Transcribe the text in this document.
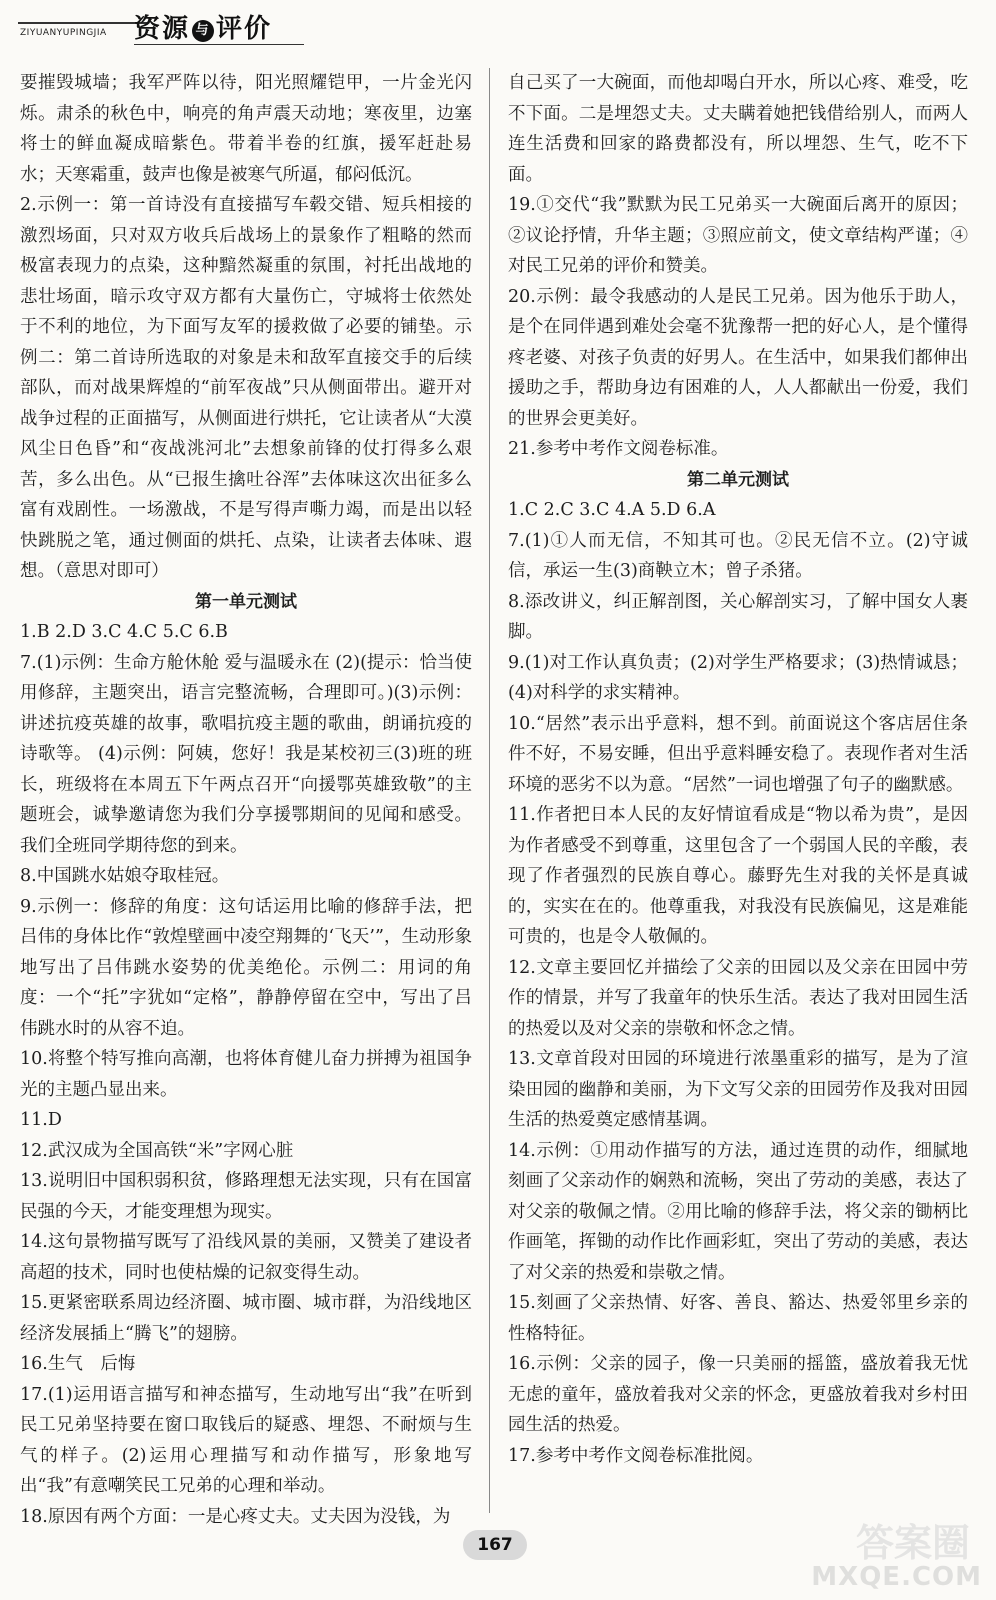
ZIYUANYUPINGJIA 资源 与 评价

要摧毁城墙；我军严阵以待，阳光照耀铠甲，一片金光闪烁。肃杀的秋色中，响亮的角声震天动地；寒夜里，边塞将士的鲜血凝成暗紫色。带着半卷的红旗，援军赶赴易水；天寒霜重，鼓声也像是被寒气所逼，郁闷低沉。

2.示例一：第一首诗没有直接描写车毂交错、短兵相接的激烈场面，只对双方收兵后战场上的景象作了粗略的然而极富表现力的点染，这种黯然凝重的氛围，衬托出战地的悲壮场面，暗示攻守双方都有大量伤亡，守城将士依然处于不利的地位，为下面写友军的援救做了必要的铺垫。示例二：第二首诗所选取的对象是未和敌军直接交手的后续部队，而对战果辉煌的“前军夜战”只从侧面带出。避开对战争过程的正面描写，从侧面进行烘托，它让读者从“大漠风尘日色昏”和“夜战洮河北”去想象前锋的仗打得多么艰苦，多么出色。从“已报生擒吐谷浑”去体味这次出征多么富有戏剧性。一场激战，不是写得声嘶力竭，而是出以轻快跳脱之笔，通过侧面的烘托、点染，让读者去体味、遐想。（意思对即可）

第一单元测试

1.B 2.D 3.C 4.C 5.C 6.B

7.(1)示例：生命方舱休舱 爱与温暖永在 (2)(提示：恰当使用修辞，主题突出，语言完整流畅，合理即可。)(3)示例：讲述抗疫英雄的故事，歌唱抗疫主题的歌曲，朗诵抗疫的诗歌等。 (4)示例：阿姨，您好！我是某校初三(3)班的班长，班级将在本周五下午两点召开“向援鄂英雄致敬”的主题班会，诚挚邀请您为我们分享援鄂期间的见闻和感受。我们全班同学期待您的到来。

8.中国跳水姑娘夺取桂冠。

9.示例一：修辞的角度：这句话运用比喻的修辞手法，把吕伟的身体比作“敦煌壁画中凌空翔舞的‘飞天’”，生动形象地写出了吕伟跳水姿势的优美绝伦。示例二：用词的角度：一个“托”字犹如“定格”，静静停留在空中，写出了吕伟跳水时的从容不迫。

10.将整个特写推向高潮，也将体育健儿奋力拼搏为祖国争光的主题凸显出来。

11.D

12.武汉成为全国高铁“米”字网心脏

13.说明旧中国积弱积贫，修路理想无法实现，只有在国富民强的今天，才能变理想为现实。

14.这句景物描写既写了沿线风景的美丽，又赞美了建设者高超的技术，同时也使枯燥的记叙变得生动。

15.更紧密联系周边经济圈、城市圈、城市群，为沿线地区经济发展插上“腾飞”的翅膀。

16.生气　后悔

17.(1)运用语言描写和神态描写，生动地写出“我”在听到民工兄弟坚持要在窗口取钱后的疑惑、埋怨、不耐烦与生气的样子。(2)运用心理描写和动作描写，形象地写出“我”有意嘲笑民工兄弟的心理和举动。

18.原因有两个方面：一是心疼丈夫。丈夫因为没钱，为

自己买了一大碗面，而他却喝白开水，所以心疼、难受，吃不下面。二是埋怨丈夫。丈夫瞒着她把钱借给别人，而两人连生活费和回家的路费都没有，所以埋怨、生气，吃不下面。

19.①交代“我”默默为民工兄弟买一大碗面后离开的原因；②议论抒情，升华主题；③照应前文，使文章结构严谨；④对民工兄弟的评价和赞美。

20.示例：最令我感动的人是民工兄弟。因为他乐于助人，是个在同伴遇到难处会毫不犹豫帮一把的好心人，是个懂得疼老婆、对孩子负责的好男人。在生活中，如果我们都伸出援助之手，帮助身边有困难的人，人人都献出一份爱，我们的世界会更美好。

21.参考中考作文阅卷标准。

第二单元测试

1.C 2.C 3.C 4.A 5.D 6.A

7.(1)①人而无信，不知其可也。②民无信不立。(2)守诚信，承运一生(3)商鞅立木；曾子杀猪。

8.添改讲义，纠正解剖图，关心解剖实习，了解中国女人裹脚。

9.(1)对工作认真负责；(2)对学生严格要求；(3)热情诚恳；(4)对科学的求实精神。

10.“居然”表示出乎意料，想不到。前面说这个客店居住条件不好，不易安睡，但出乎意料睡安稳了。表现作者对生活环境的恶劣不以为意。“居然”一词也增强了句子的幽默感。

11.作者把日本人民的友好情谊看成是“物以希为贵”，是因为作者感受不到尊重，这里包含了一个弱国人民的辛酸，表现了作者强烈的民族自尊心。藤野先生对我的关怀是真诚的，实实在在的。他尊重我，对我没有民族偏见，这是难能可贵的，也是令人敬佩的。

12.文章主要回忆并描绘了父亲的田园以及父亲在田园中劳作的情景，并写了我童年的快乐生活。表达了我对田园生活的热爱以及对父亲的崇敬和怀念之情。

13.文章首段对田园的环境进行浓墨重彩的描写，是为了渲染田园的幽静和美丽，为下文写父亲的田园劳作及我对田园生活的热爱奠定感情基调。

14.示例：①用动作描写的方法，通过连贯的动作，细腻地刻画了父亲动作的娴熟和流畅，突出了劳动的美感，表达了对父亲的敬佩之情。②用比喻的修辞手法，将父亲的锄柄比作画笔，挥锄的动作比作画彩虹，突出了劳动的美感，表达了对父亲的热爱和崇敬之情。

15.刻画了父亲热情、好客、善良、豁达、热爱邻里乡亲的性格特征。

16.示例：父亲的园子，像一只美丽的摇篮，盛放着我无忧无虑的童年，盛放着我对父亲的怀念，更盛放着我对乡村田园生活的热爱。

17.参考中考作文阅卷标准批阅。

167	答案圈
MXQE.COM
